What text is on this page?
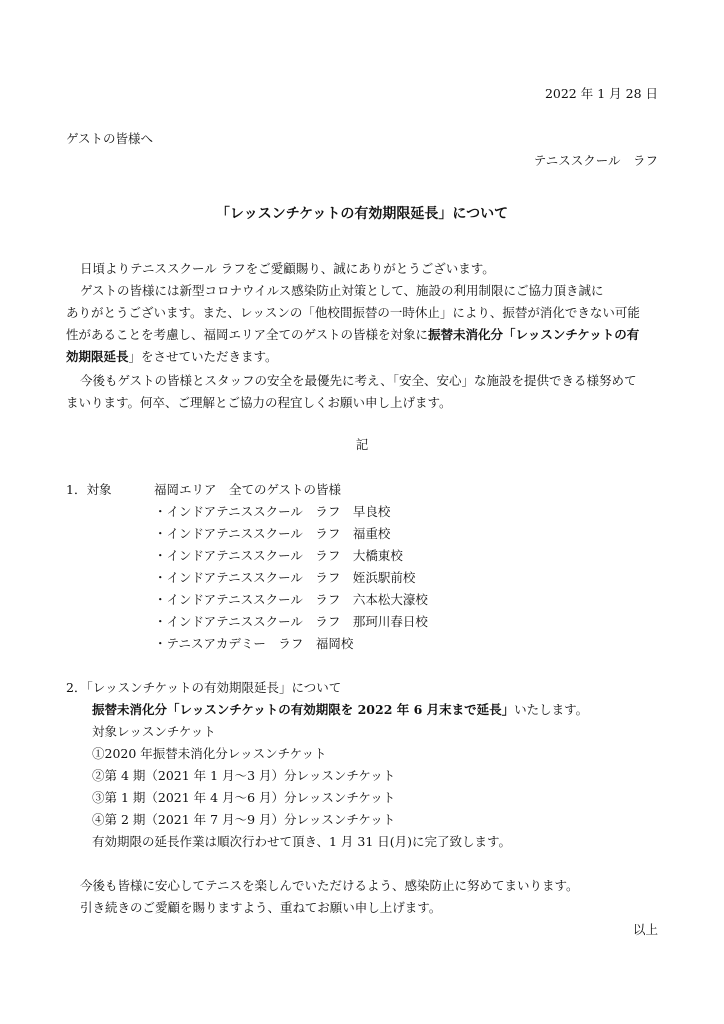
2022 年 1 月 28 日
ゲストの皆様へ
テニススクール　ラフ
「レッスンチケットの有効期限延長」について
日頃よりテニススクール ラフをご愛顧賜り、誠にありがとうございます。
ゲストの皆様には新型コロナウイルス感染防止対策として、施設の利用制限にご協力頂き誠に
ありがとうございます。また、レッスンの「他校間振替の一時休止」により、振替が消化できない可能
性があることを考慮し、福岡エリア全てのゲストの皆様を対象に振替未消化分「レッスンチケットの有
効期限延長」をさせていただきます。
今後もゲストの皆様とスタッフの安全を最優先に考え、「安全、安心」な施設を提供できる様努めて
まいります。何卒、ご理解とご協力の程宜しくお願い申し上げます。
記
1．対象	福岡エリア　全てのゲストの皆様
・インドアテニススクール　ラフ　早良校
・インドアテニススクール　ラフ　福重校
・インドアテニススクール　ラフ　大橋東校
・インドアテニススクール　ラフ　姪浜駅前校
・インドアテニススクール　ラフ　六本松大濠校
・インドアテニススクール　ラフ　那珂川春日校
・テニスアカデミー　ラフ　福岡校
2．「レッスンチケットの有効期限延長」について
振替未消化分「レッスンチケットの有効期限を 2022 年 6 月末まで延長」いたします。
対象レッスンチケット
①2020 年振替未消化分レッスンチケット
②第 4 期（2021 年 1 月～3 月）分レッスンチケット
③第 1 期（2021 年 4 月～6 月）分レッスンチケット
④第 2 期（2021 年 7 月～9 月）分レッスンチケット
有効期限の延長作業は順次行わせて頂き、1 月 31 日(月)に完了致します。
今後も皆様に安心してテニスを楽しんでいただけるよう、感染防止に努めてまいります。
引き続きのご愛顧を賜りますよう、重ねてお願い申し上げます。
以上
